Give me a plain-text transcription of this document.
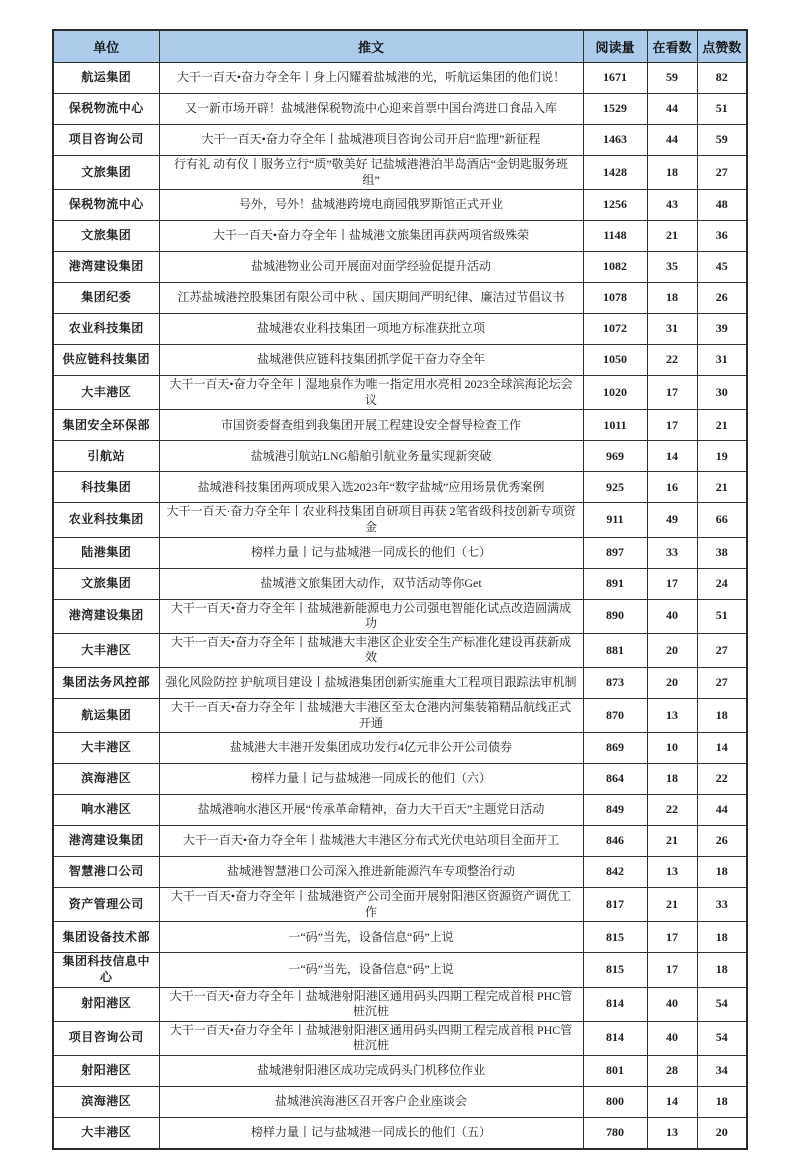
单位	推文	阅读量	在看数	点赞数
航运集团	大干一百天•奋力夺全年丨身上闪耀着盐城港的光，听航运集团的他们说！	1671	59	82
保税物流中心	又一新市场开辟！盐城港保税物流中心迎来首票中国台湾进口食品入库	1529	44	51
项目咨询公司	大干一百天•奋力夺全年丨盐城港项目咨询公司开启“监理”新征程	1463	44	59
文旅集团	行有礼 动有仪丨服务立行“质”敬美好 记盐城港港泊半岛酒店“金钥匙服务班组”	1428	18	27
保税物流中心	号外，号外！盐城港跨境电商园俄罗斯馆正式开业	1256	43	48
文旅集团	大干一百天•奋力夺全年丨盐城港文旅集团再获两项省级殊荣	1148	21	36
港湾建设集团	盐城港物业公司开展面对面学经验促提升活动	1082	35	45
集团纪委	江苏盐城港控股集团有限公司中秋 、国庆期间严明纪律、廉洁过节倡议书	1078	18	26
农业科技集团	盐城港农业科技集团一项地方标准获批立项	1072	31	39
供应链科技集团	盐城港供应链科技集团抓学促干奋力夺全年	1050	22	31
大丰港区	大干一百天•奋力夺全年丨湿地泉作为唯一指定用水亮相 2023全球滨海论坛会议	1020	17	30
集团安全环保部	市国资委督查组到我集团开展工程建设安全督导检查工作	1011	17	21
引航站	盐城港引航站LNG船舶引航业务量实现新突破	969	14	19
科技集团	盐城港科技集团两项成果入选2023年“数字盐城”应用场景优秀案例	925	16	21
农业科技集团	大干一百天·奋力夺全年丨农业科技集团自研项目再获 2笔省级科技创新专项资金	911	49	66
陆港集团	榜样力量丨记与盐城港一同成长的他们（七）	897	33	38
文旅集团	盐城港文旅集团大动作，双节活动等你Get	891	17	24
港湾建设集团	大干一百天•奋力夺全年丨盐城港新能源电力公司强电智能化试点改造圆满成功	890	40	51
大丰港区	大干一百天•奋力夺全年丨盐城港大丰港区企业安全生产标准化建设再获新成效	881	20	27
集团法务风控部	强化风险防控 护航项目建设丨盐城港集团创新实施重大工程项目跟踪法审机制	873	20	27
航运集团	大干一百天•奋力夺全年丨盐城港大丰港区至太仓港内河集装箱精品航线正式开通	870	13	18
大丰港区	盐城港大丰港开发集团成功发行4亿元非公开公司债券	869	10	14
滨海港区	榜样力量丨记与盐城港一同成长的他们（六）	864	18	22
响水港区	盐城港响水港区开展“传承革命精神，奋力大干百天”主题党日活动	849	22	44
港湾建设集团	大干一百天•奋力夺全年丨盐城港大丰港区分布式光伏电站项目全面开工	846	21	26
智慧港口公司	盐城港智慧港口公司深入推进新能源汽车专项整治行动	842	13	18
资产管理公司	大干一百天•奋力夺全年丨盐城港资产公司全面开展射阳港区资源资产调优工作	817	21	33
集团设备技术部	一“码”当先，设备信息“码”上说	815	17	18
集团科技信息中心	一“码”当先，设备信息“码”上说	815	17	18
射阳港区	大干一百天•奋力夺全年丨盐城港射阳港区通用码头四期工程完成首根 PHC管桩沉桩	814	40	54
项目咨询公司	大干一百天•奋力夺全年丨盐城港射阳港区通用码头四期工程完成首根 PHC管桩沉桩	814	40	54
射阳港区	盐城港射阳港区成功完成码头门机移位作业	801	28	34
滨海港区	盐城港滨海港区召开客户企业座谈会	800	14	18
大丰港区	榜样力量丨记与盐城港一同成长的他们（五）	780	13	20
